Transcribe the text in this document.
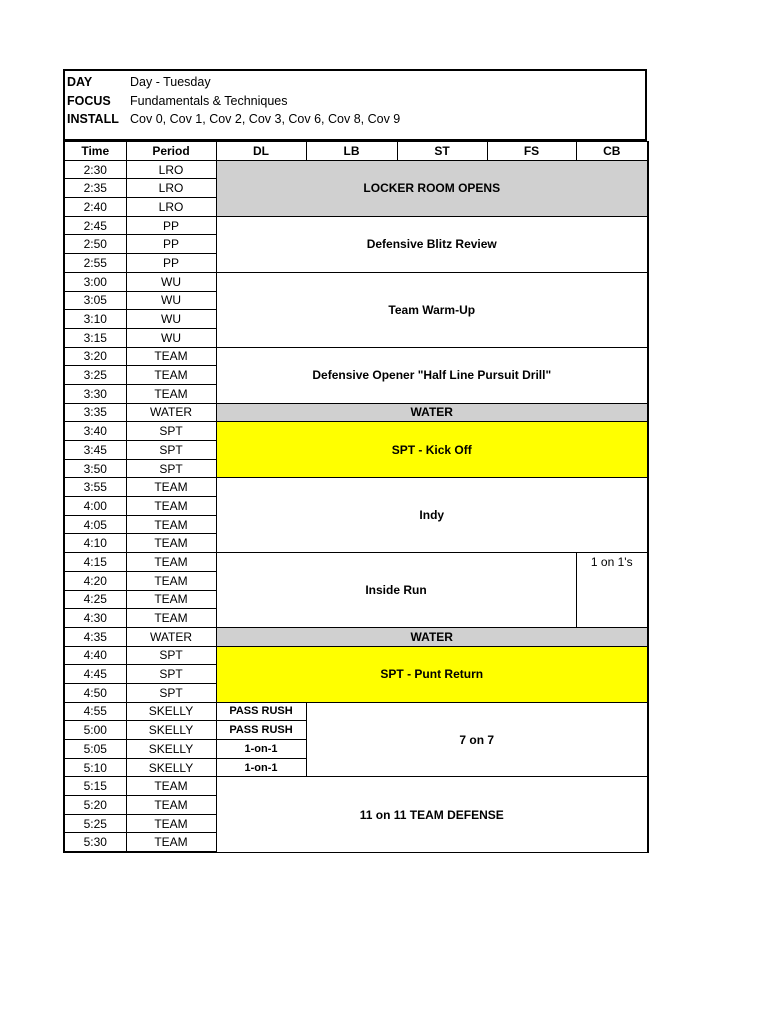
DAY	Day - Tuesday
FOCUS	Fundamentals & Techniques
INSTALL Cov 0, Cov 1, Cov 2, Cov 3, Cov 6, Cov 8, Cov 9
Time	Period	DL	LB	ST	FS	CB
2:30	LRO	LOCKER ROOM OPENS				
2:35	LRO					
2:40	LRO					
2:45	PP	Defensive Blitz Review				
2:50	PP					
2:55	PP					
3:00	WU	Team Warm-Up				
3:05	WU					
3:10	WU					
3:15	WU					
3:20	TEAM	Defensive Opener "Half Line Pursuit Drill"				
3:25	TEAM					
3:30	TEAM					
3:35	WATER	WATER				
3:40	SPT	SPT - Kick Off				
3:45	SPT					
3:50	SPT					
3:55	TEAM	Indy				
4:00	TEAM					
4:05	TEAM					
4:10	TEAM					
4:15	TEAM	Inside Run				1 on 1's
4:20	TEAM					
4:25	TEAM					
4:30	TEAM					
4:35	WATER	WATER				
4:40	SPT	SPT - Punt Return				
4:45	SPT					
4:50	SPT					
4:55	SKELLY	PASS RUSH	7 on 7			
5:00	SKELLY	PASS RUSH				
5:05	SKELLY	1-on-1				
5:10	SKELLY	1-on-1				
5:15	TEAM	11 on 11 TEAM DEFENSE				
5:20	TEAM					
5:25	TEAM					
5:30	TEAM					
